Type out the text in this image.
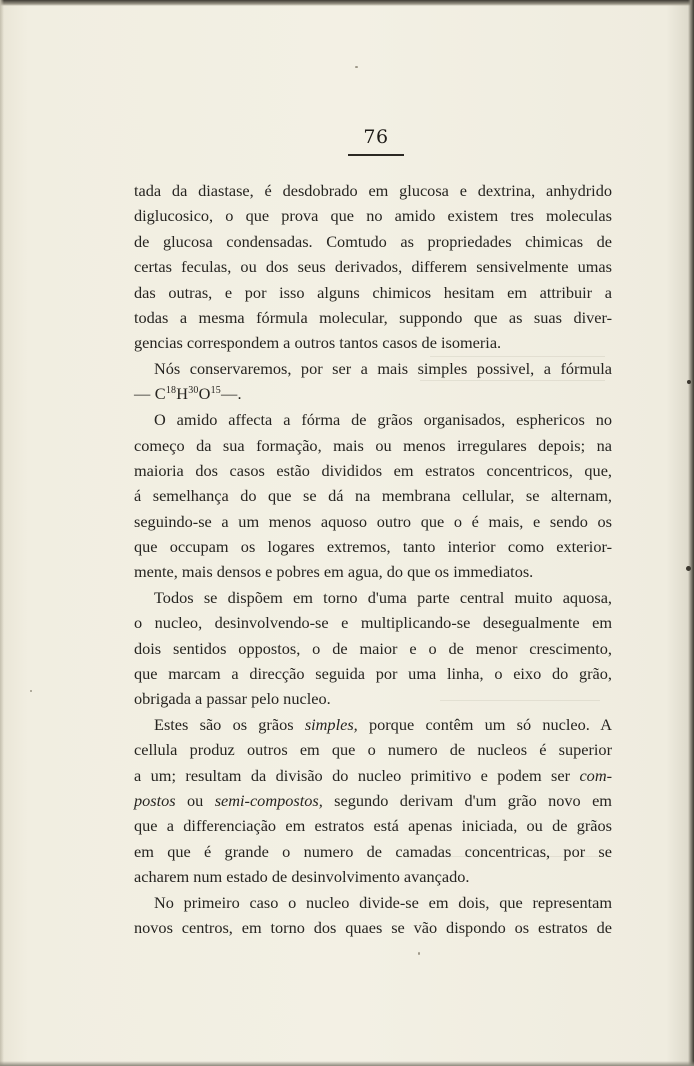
76
tada da diastase, é desdobrado em glucosa e dextrina, anhydrido
diglucosico, o que prova que no amido existem tres moleculas
de glucosa condensadas. Comtudo as propriedades chimicas de
certas feculas, ou dos seus derivados, differem sensivelmente umas
das outras, e por isso alguns chimicos hesitam em attribuir a
todas a mesma fórmula molecular, suppondo que as suas diver-
gencias correspondem a outros tantos casos de isomeria.
Nós conservaremos, por ser a mais simples possivel, a fórmula
— $C^{18}H^{30}O^{15}—$.
O amido affecta a fórma de grãos organisados, esphericos no
começo da sua formação, mais ou menos irregulares depois; na
maioria dos casos estão divididos em estratos concentricos, que,
á semelhança do que se dá na membrana cellular, se alternam,
seguindo-se a um menos aquoso outro que o é mais, e sendo os
que occupam os logares extremos, tanto interior como exterior-
mente, mais densos e pobres em agua, do que os immediatos.
Todos se dispõem em torno d'uma parte central muito aquosa,
o nucleo, desinvolvendo-se e multiplicando-se desegualmente em
dois sentidos oppostos, o de maior e o de menor crescimento,
que marcam a direcção seguida por uma linha, o eixo do grão,
obrigada a passar pelo nucleo.
Estes são os grãos simples, porque contêm um só nucleo. A
cellula produz outros em que o numero de nucleos é superior
a um; resultam da divisão do nucleo primitivo e podem ser com-
postos ou semi-compostos, segundo derivam d'um grão novo em
que a differenciação em estratos está apenas iniciada, ou de grãos
em que é grande o numero de camadas concentricas, por se
acharem num estado de desinvolvimento avançado.
No primeiro caso o nucleo divide-se em dois, que representam
novos centros, em torno dos quaes se vão dispondo os estratos de
